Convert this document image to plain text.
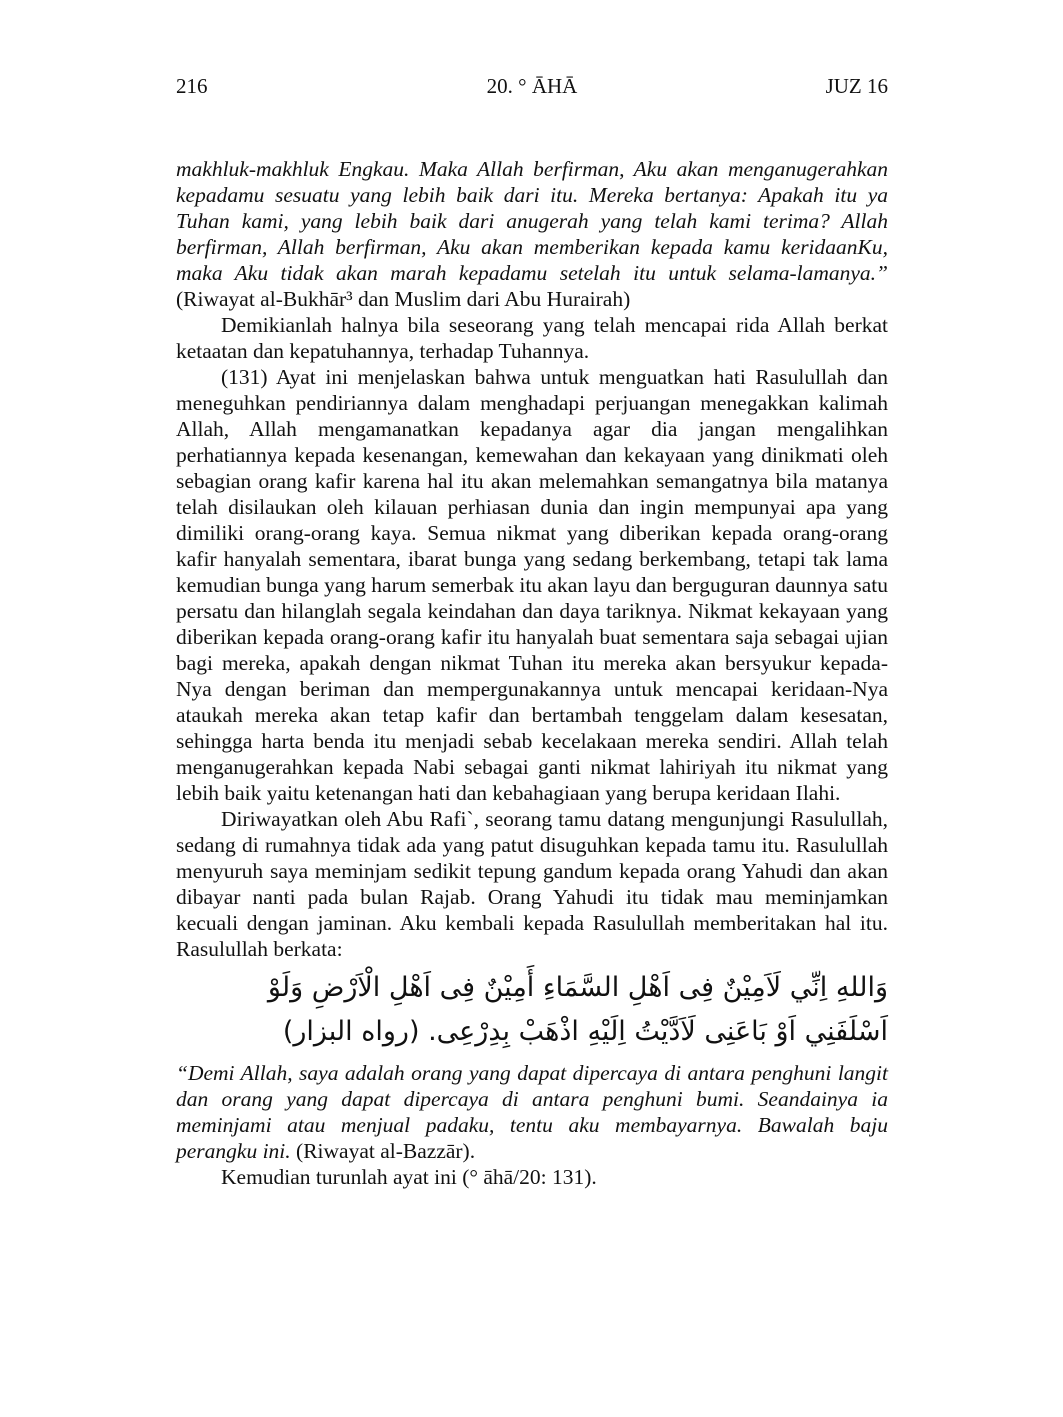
216	20. ° ĀHĀ	JUZ 16

makhluk-makhluk Engkau. Maka Allah berfirman, Aku akan menganugerahkan kepadamu sesuatu yang lebih baik dari itu. Mereka bertanya: Apakah itu ya Tuhan kami, yang lebih baik dari anugerah yang telah kami terima? Allah berfirman, Allah berfirman, Aku akan memberikan kepada kamu keridaanKu, maka Aku tidak akan marah kepadamu setelah itu untuk selama-lamanya.” (Riwayat al-Bukhār³ dan Muslim dari Abu Hurairah)

Demikianlah halnya bila seseorang yang telah mencapai rida Allah berkat ketaatan dan kepatuhannya, terhadap Tuhannya.

(131) Ayat ini menjelaskan bahwa untuk menguatkan hati Rasulullah dan meneguhkan pendiriannya dalam menghadapi perjuangan menegakkan kalimah Allah, Allah mengamanatkan kepadanya agar dia jangan mengalihkan perhatiannya kepada kesenangan, kemewahan dan kekayaan yang dinikmati oleh sebagian orang kafir karena hal itu akan melemahkan semangatnya bila matanya telah disilaukan oleh kilauan perhiasan dunia dan ingin mempunyai apa yang dimiliki orang-orang kaya. Semua nikmat yang diberikan kepada orang-orang kafir hanyalah sementara, ibarat bunga yang sedang berkembang, tetapi tak lama kemudian bunga yang harum semerbak itu akan layu dan berguguran daunnya satu persatu dan hilanglah segala keindahan dan daya tariknya. Nikmat kekayaan yang diberikan kepada orang-orang kafir itu hanyalah buat sementara saja sebagai ujian bagi mereka, apakah dengan nikmat Tuhan itu mereka akan bersyukur kepada-Nya dengan beriman dan mempergunakannya untuk mencapai keridaan-Nya ataukah mereka akan tetap kafir dan bertambah tenggelam dalam kesesatan, sehingga harta benda itu menjadi sebab kecelakaan mereka sendiri. Allah telah menganugerahkan kepada Nabi sebagai ganti nikmat lahiriyah itu nikmat yang lebih baik yaitu ketenangan hati dan kebahagiaan yang berupa keridaan Ilahi.

Diriwayatkan oleh Abu Rafi`, seorang tamu datang mengunjungi Rasulullah, sedang di rumahnya tidak ada yang patut disuguhkan kepada tamu itu. Rasulullah menyuruh saya meminjam sedikit tepung gandum kepada orang Yahudi dan akan dibayar nanti pada bulan Rajab. Orang Yahudi itu tidak mau meminjamkan kecuali dengan jaminan. Aku kembali kepada Rasulullah memberitakan hal itu. Rasulullah berkata:

وَاللهِ اِنِّي لَاَمِيْنٌ فِى اَهْلِ السَّمَاءِ أَمِيْنٌ فِى اَهْلِ الْاَرْضِ وَلَوْ اَسْلَفَنِي اَوْ بَاعَنِى لَاَدَّيْتُ اِلَيْهِ اذْهَبْ بِدِرْعِى. (رواه البزار)

“Demi Allah, saya adalah orang yang dapat dipercaya di antara penghuni langit dan orang yang dapat dipercaya di antara penghuni bumi. Seandainya ia meminjami atau menjual padaku, tentu aku membayarnya. Bawalah baju perangku ini. (Riwayat al-Bazzār).

Kemudian turunlah ayat ini (° āhā/20: 131).
